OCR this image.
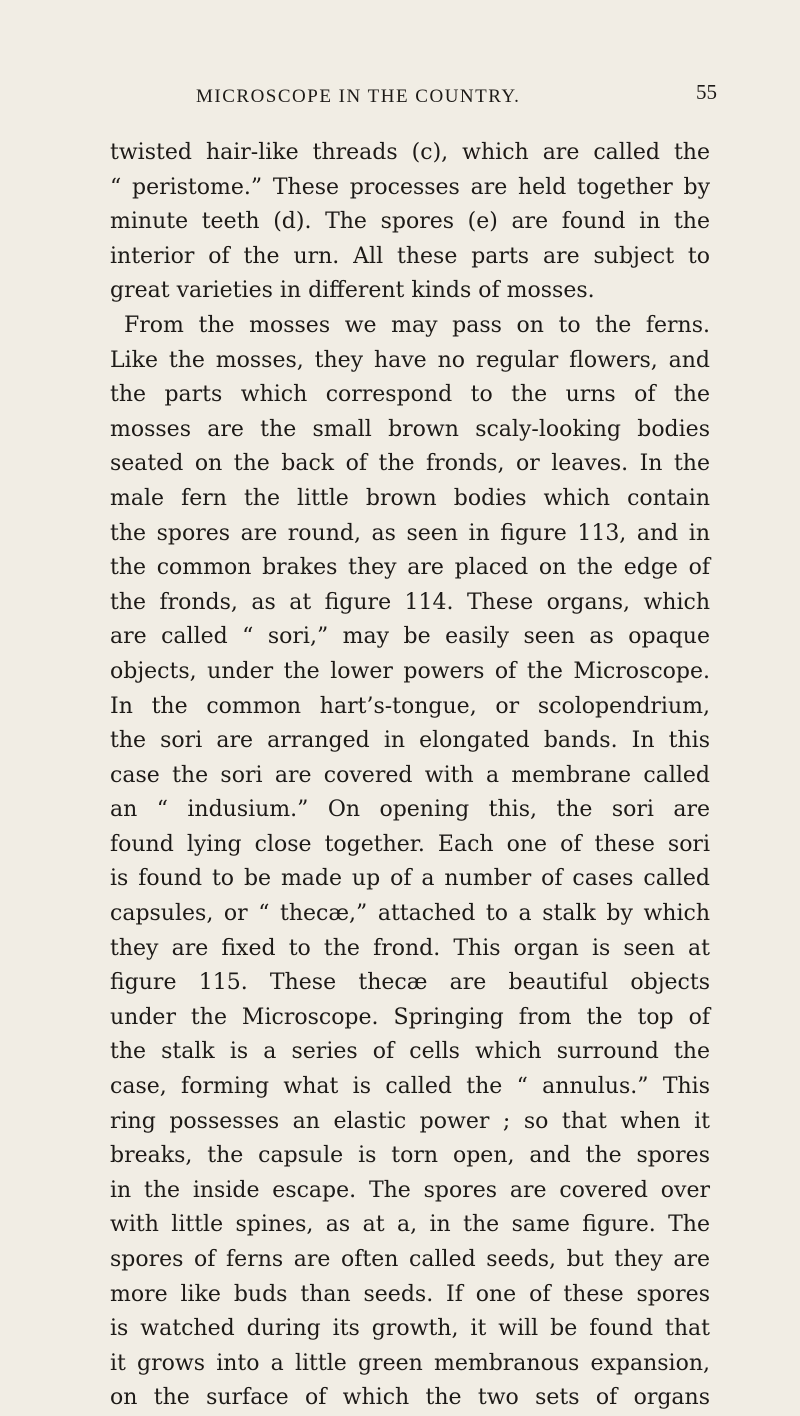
MICROSCOPE IN THE COUNTRY.	55
twisted hair-like threads (c), which are called the
“ peristome.” These processes are held together by
minute teeth (d). The spores (e) are found in the
interior of the urn. All these parts are subject to
great varieties in different kinds of mosses.
From the mosses we may pass on to the ferns.
Like the mosses, they have no regular flowers, and
the parts which correspond to the urns of the
mosses are the small brown scaly-looking bodies
seated on the back of the fronds, or leaves. In the
male fern the little brown bodies which contain
the spores are round, as seen in figure 113, and in
the common brakes they are placed on the edge of
the fronds, as at figure 114. These organs, which
are called “ sori,” may be easily seen as opaque
objects, under the lower powers of the Microscope.
In the common hart’s-tongue, or scolopendrium,
the sori are arranged in elongated bands. In this
case the sori are covered with a membrane called
an “ indusium.” On opening this, the sori are
found lying close together. Each one of these sori
is found to be made up of a number of cases called
capsules, or “ thecæ,” attached to a stalk by which
they are fixed to the frond. This organ is seen at
figure 115. These thecæ are beautiful objects
under the Microscope. Springing from the top of
the stalk is a series of cells which surround the
case, forming what is called the “ annulus.” This
ring possesses an elastic power ; so that when it
breaks, the capsule is torn open, and the spores
in the inside escape. The spores are covered over
with little spines, as at a, in the same figure. The
spores of ferns are often called seeds, but they are
more like buds than seeds. If one of these spores
is watched during its growth, it will be found that
it grows into a little green membranous expansion,
on the surface of which the two sets of organs
